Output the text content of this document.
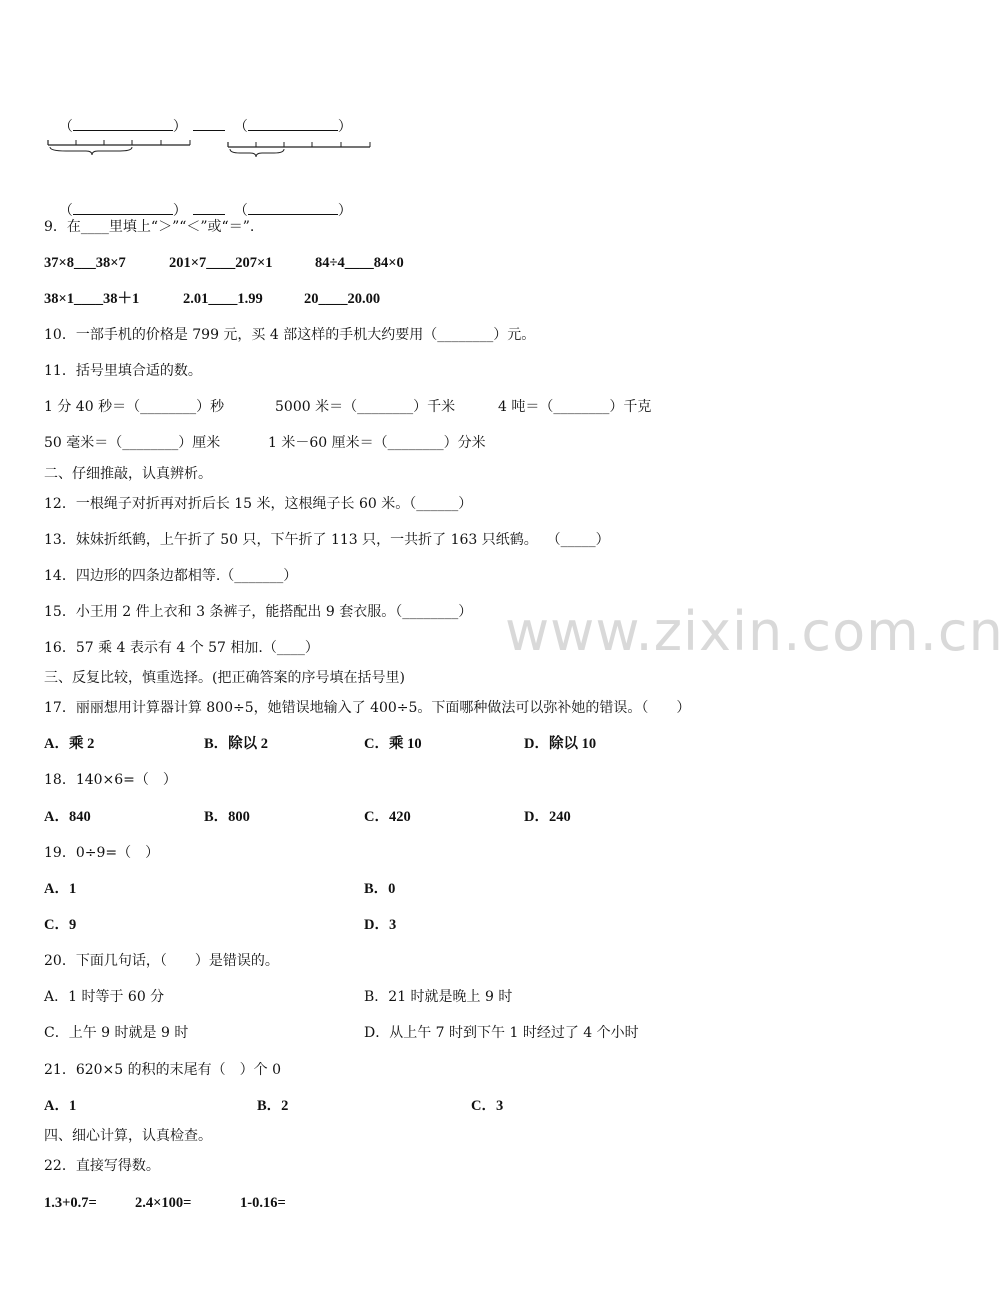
（	）	（	）

（	）	（	）

9．在____里填上“＞”“＜”或“＝”.
37×8___38×7	201×7____207×1	84÷4____84×0
38×1____38＋1	2.01____1.99	20____20.00
10．一部手机的价格是 799 元，买 4 部这样的手机大约要用（________）元。
11．括号里填合适的数。
1 分 40 秒＝（________）秒	5000 米＝（________）千米	4 吨＝（________）千克
50 毫米＝（________）厘米	1 米－60 厘米＝（________）分米
二、仔细推敲，认真辨析。
12．一根绳子对折再对折后长 15 米，这根绳子长 60 米。（______）
13．妹妹折纸鹤，上午折了 50 只，下午折了 113 只，一共折了 163 只纸鹤。  （_____）
14．四边形的四条边都相等.（_______）
15．小王用 2 件上衣和 3 条裤子，能搭配出 9 套衣服。（________）
16．57 乘 4 表示有 4 个 57 相加.（____）	www.zixin.com.cn
三、反复比较，慎重选择。(把正确答案的序号填在括号里)
17．丽丽想用计算器计算 800÷5，她错误地输入了 400÷5。下面哪种做法可以弥补她的错误。（　　）
A．乘 2	B．除以 2	C．乘 10	D．除以 10
18．140×6=（　）
A．840	B．800	C．420	D．240
19．0÷9=（　）
A．1	B．0
C．9	D．3
20．下面几句话，（　　）是错误的。
A．1 时等于 60 分	B．21 时就是晚上 9 时
C．上午 9 时就是 9 时	D．从上午 7 时到下午 1 时经过了 4 个小时
21．620×5 的积的末尾有（　）个 0
A．1	B．2	C．3
四、细心计算，认真检查。
22．直接写得数。
1.3+0.7=	2.4×100=	1-0.16=
